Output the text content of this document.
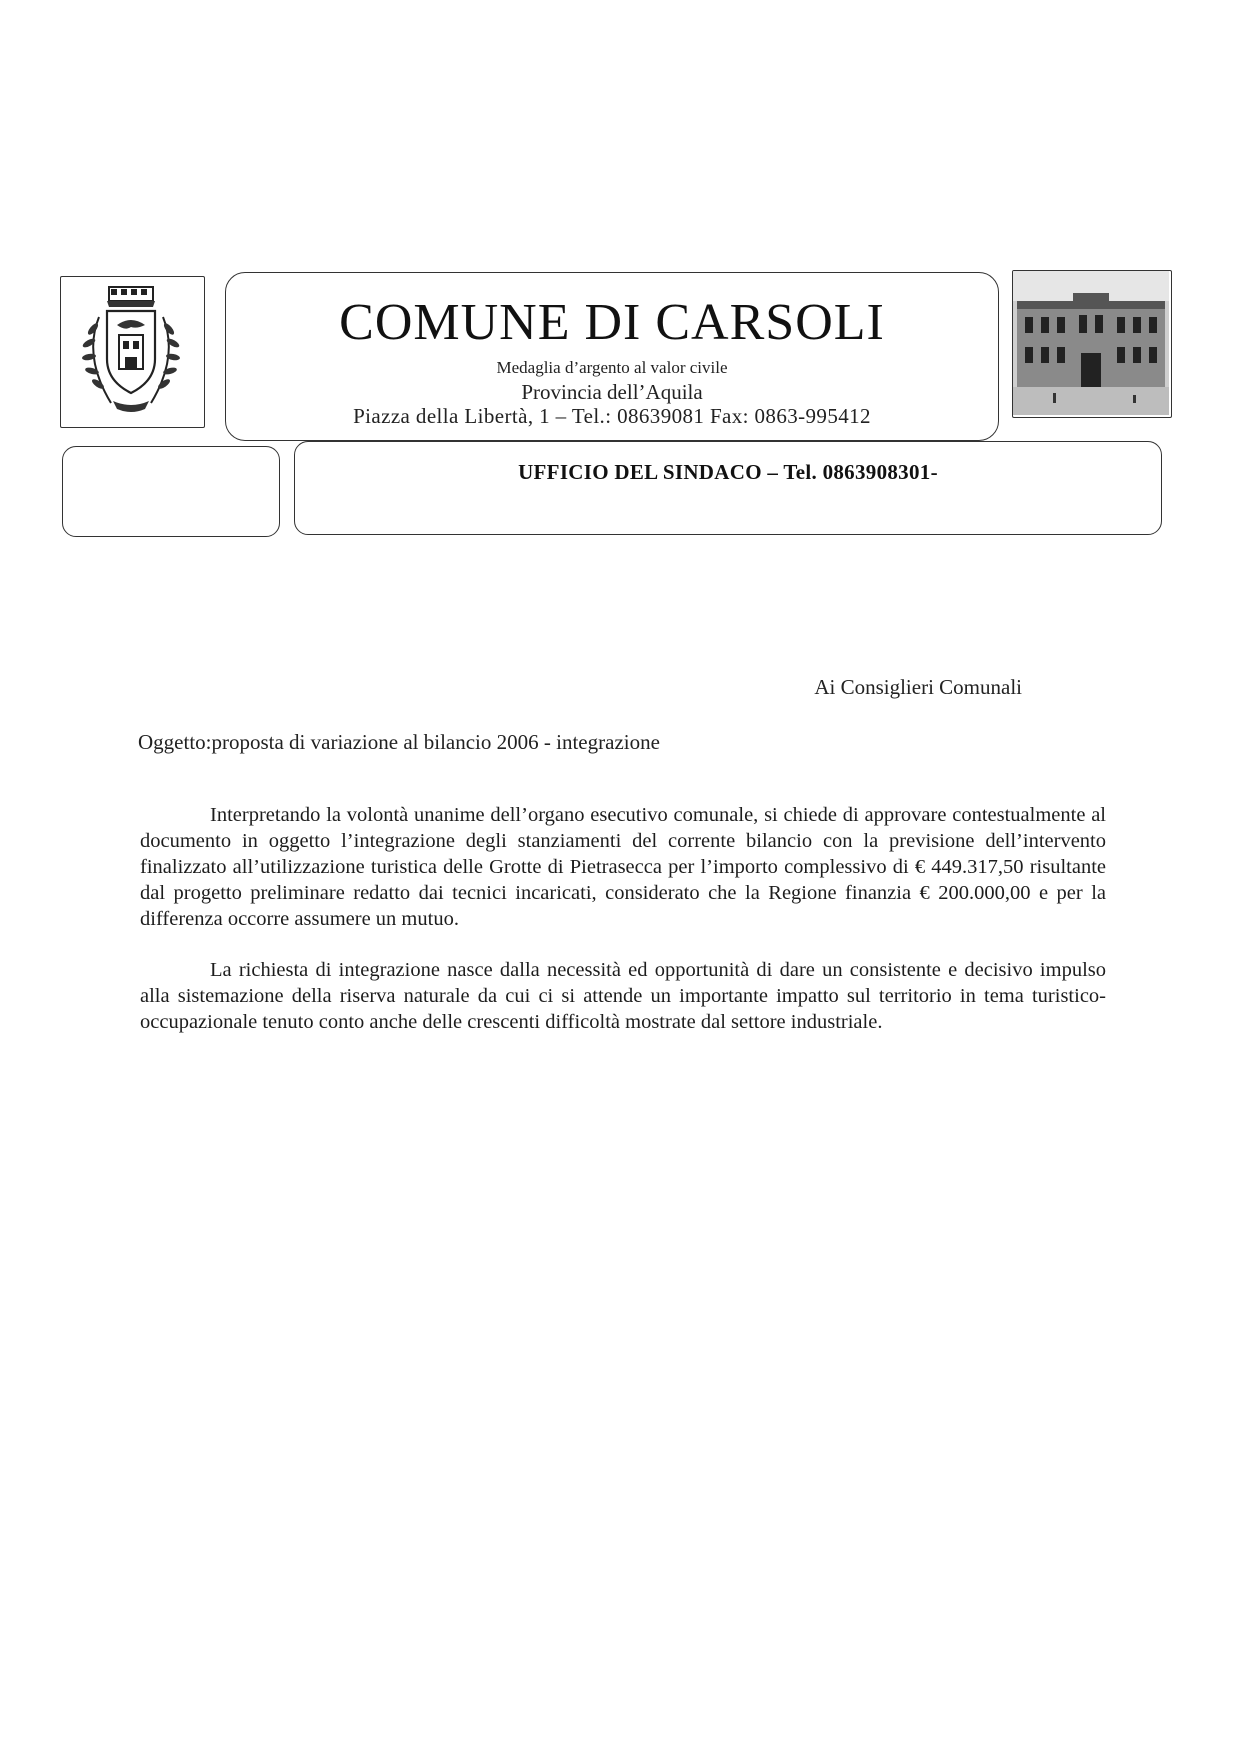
COMUNE DI CARSOLI
Medaglia d’argento al valor civile
Provincia dell’Aquila
Piazza della Libertà, 1 – Tel.: 08639081 Fax: 0863-995412
UFFICIO DEL SINDACO – Tel. 0863908301-
Ai Consiglieri Comunali
Oggetto:proposta di variazione al bilancio 2006 - integrazione

Interpretando la volontà unanime dell’organo esecutivo comunale, si chiede di approvare contestualmente al documento in oggetto l’integrazione degli stanziamenti del corrente bilancio con la previsione dell’intervento finalizzato all’utilizzazione turistica delle Grotte di Pietrasecca per l’importo complessivo di € 449.317,50 risultante dal progetto preliminare redatto dai tecnici incaricati, considerato che la Regione finanzia € 200.000,00 e per la differenza occorre assumere un mutuo.

La richiesta di integrazione nasce dalla necessità ed opportunità di dare un consistente e decisivo impulso alla sistemazione della riserva naturale da cui ci si attende un importante impatto sul territorio in tema turistico-occupazionale tenuto conto anche delle crescenti difficoltà mostrate dal settore industriale.
